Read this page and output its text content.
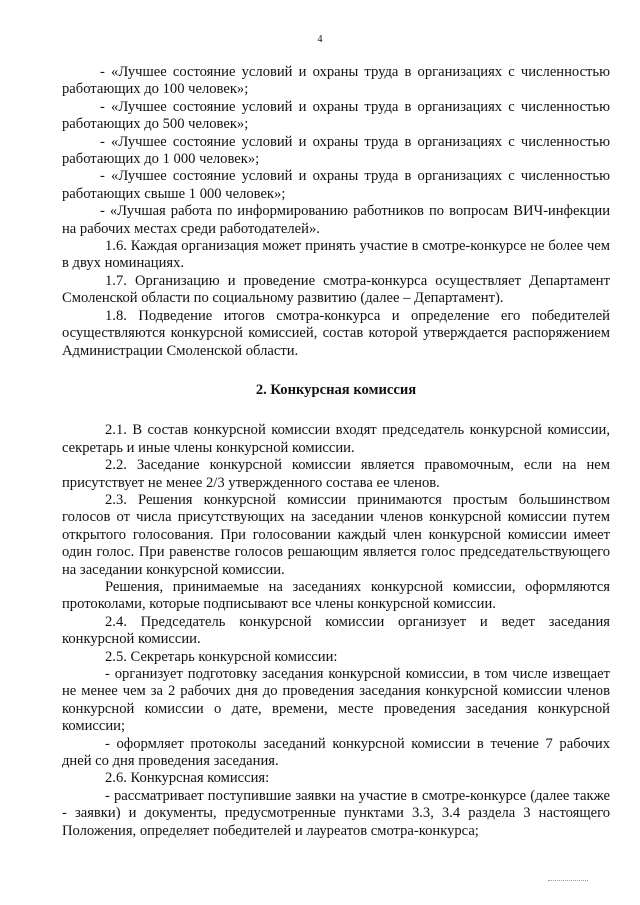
4

- «Лучшее состояние условий и охраны труда в организациях с численностью работающих до 100 человек»;

- «Лучшее состояние условий и охраны труда в организациях с численностью работающих до 500 человек»;

- «Лучшее состояние условий и охраны труда в организациях с численностью работающих до 1 000 человек»;

- «Лучшее состояние условий и охраны труда в организациях с численностью работающих свыше 1 000 человек»;

- «Лучшая работа по информированию работников по вопросам ВИЧ-инфекции на рабочих местах среди работодателей».

1.6. Каждая организация может принять участие в смотре-конкурсе не более чем в двух номинациях.

1.7. Организацию и проведение смотра-конкурса осуществляет Департамент Смоленской области по социальному развитию (далее – Департамент).

1.8. Подведение итогов смотра-конкурса и определение его победителей осуществляются конкурсной комиссией, состав которой утверждается распоряжением Администрации Смоленской области.

2. Конкурсная комиссия

2.1. В состав конкурсной комиссии входят председатель конкурсной комиссии, секретарь и иные члены конкурсной комиссии.

2.2. Заседание конкурсной комиссии является правомочным, если на нем присутствует не менее 2/3 утвержденного состава ее членов.

2.3. Решения конкурсной комиссии принимаются простым большинством голосов от числа присутствующих на заседании членов конкурсной комиссии путем открытого голосования. При голосовании каждый член конкурсной комиссии имеет один голос. При равенстве голосов решающим является голос председательствующего на заседании конкурсной комиссии.

Решения, принимаемые на заседаниях конкурсной комиссии, оформляются протоколами, которые подписывают все члены конкурсной комиссии.

2.4. Председатель конкурсной комиссии организует и ведет заседания конкурсной комиссии.

2.5. Секретарь конкурсной комиссии:

- организует подготовку заседания конкурсной комиссии, в том числе извещает не менее чем за 2 рабочих дня до проведения заседания конкурсной комиссии членов конкурсной комиссии о дате, времени, месте проведения заседания конкурсной комиссии;

- оформляет протоколы заседаний конкурсной комиссии в течение 7 рабочих дней со дня проведения заседания.

2.6. Конкурсная комиссия:

- рассматривает поступившие заявки на участие в смотре-конкурсе (далее также - заявки) и документы, предусмотренные пунктами 3.3, 3.4 раздела 3 настоящего Положения, определяет победителей и лауреатов смотра-конкурса;
